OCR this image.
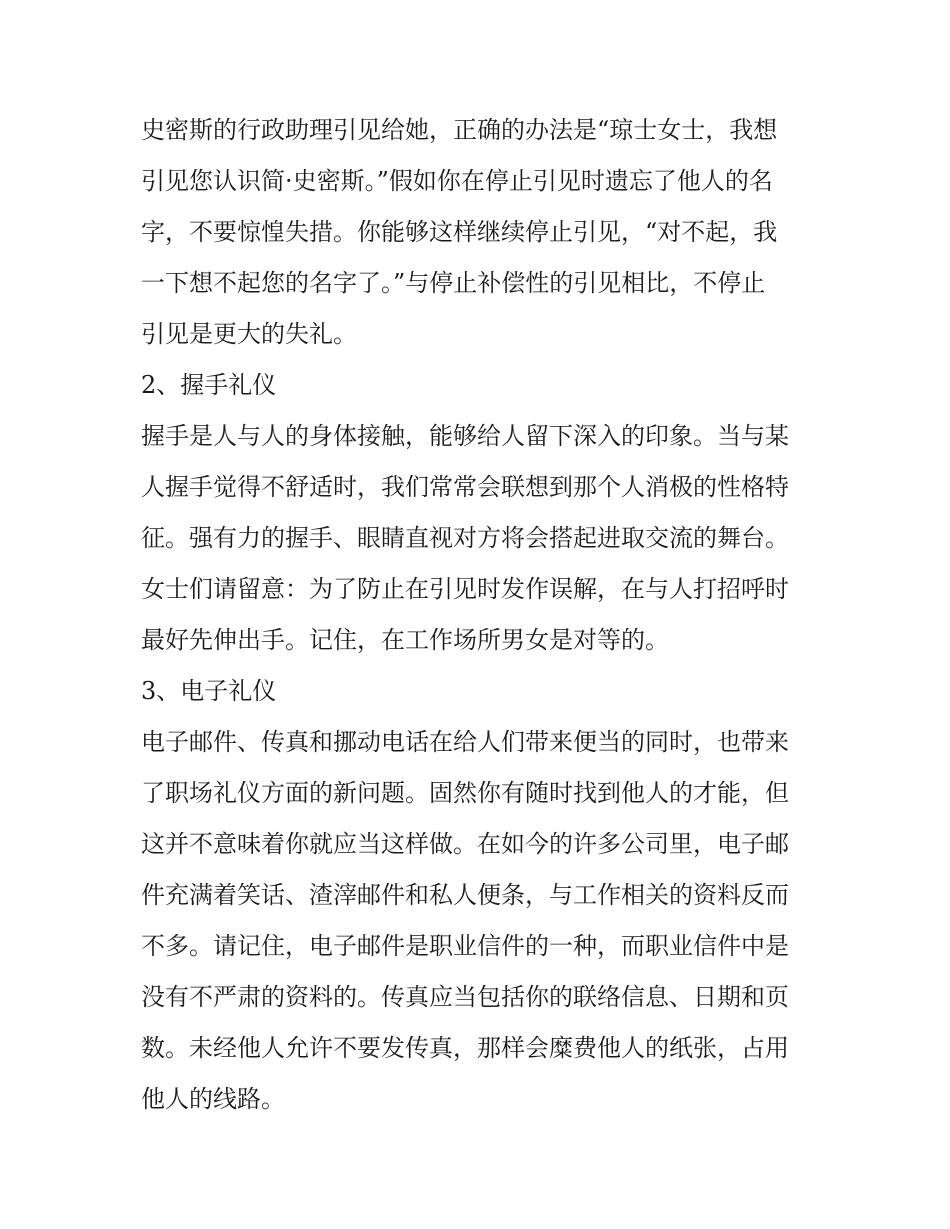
史密斯的行政助理引见给她，正确的办法是“琼士女士，我想
引见您认识简·史密斯。”假如你在停止引见时遗忘了他人的名
字，不要惊惶失措。你能够这样继续停止引见，“对不起，我
一下想不起您的名字了。”与停止补偿性的引见相比，不停止
引见是更大的失礼。
2、握手礼仪
握手是人与人的身体接触，能够给人留下深入的印象。当与某
人握手觉得不舒适时，我们常常会联想到那个人消极的性格特
征。强有力的握手、眼睛直视对方将会搭起进取交流的舞台。
女士们请留意：为了防止在引见时发作误解，在与人打招呼时
最好先伸出手。记住，在工作场所男女是对等的。
3、电子礼仪
电子邮件、传真和挪动电话在给人们带来便当的同时，也带来
了职场礼仪方面的新问题。固然你有随时找到他人的才能，但
这并不意味着你就应当这样做。在如今的许多公司里，电子邮
件充满着笑话、渣滓邮件和私人便条，与工作相关的资料反而
不多。请记住，电子邮件是职业信件的一种，而职业信件中是
没有不严肃的资料的。传真应当包括你的联络信息、日期和页
数。未经他人允许不要发传真，那样会糜费他人的纸张，占用
他人的线路。
